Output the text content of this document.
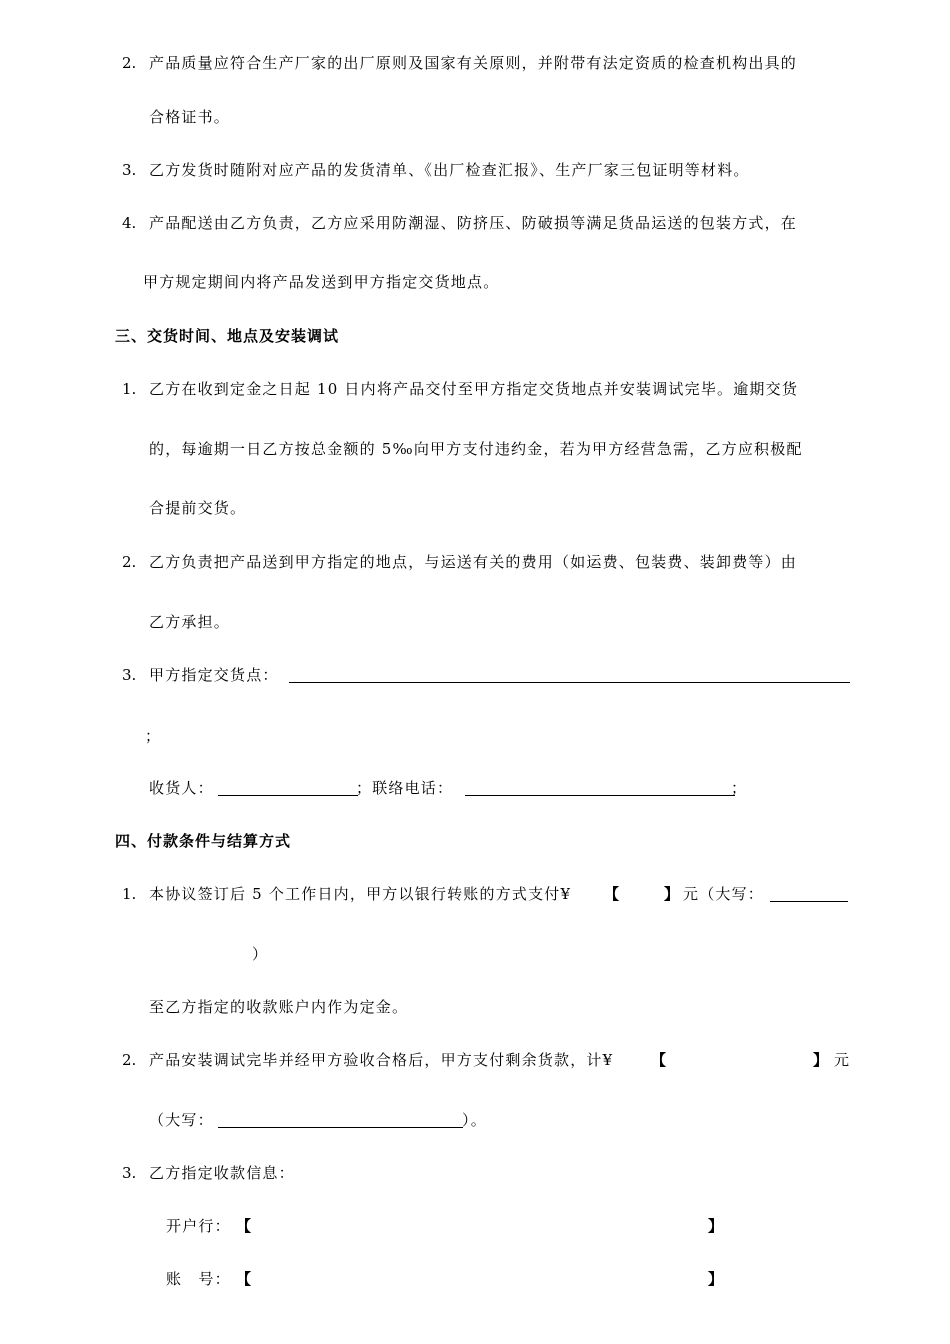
2. 产品质量应符合生产厂家的出厂原则及国家有关原则，并附带有法定资质的检查机构出具的
合格证书。
3. 乙方发货时随附对应产品的发货清单、《出厂检查汇报》、生产厂家三包证明等材料。
4. 产品配送由乙方负责，乙方应采用防潮湿、防挤压、防破损等满足货品运送的包装方式，在
甲方规定期间内将产品发送到甲方指定交货地点。
三、交货时间、地点及安装调试
1. 乙方在收到定金之日起 10 日内将产品交付至甲方指定交货地点并安装调试完毕。逾期交货
的，每逾期一日乙方按总金额的 5‰向甲方支付违约金，若为甲方经营急需，乙方应积极配
合提前交货。
2. 乙方负责把产品送到甲方指定的地点，与运送有关的费用（如运费、包装费、装卸费等）由
乙方承担。
3. 甲方指定交货点：
；
收货人：	；联络电话：	；
四、付款条件与结算方式
1. 本协议签订后 5 个工作日内，甲方以银行转账的方式支付¥ 【	】 元（大写：
）
至乙方指定的收款账户内作为定金。
2. 产品安装调试完毕并经甲方验收合格后，甲方支付剩余货款，计¥	【	】 元
（大写：	）。
3. 乙方指定收款信息：
开户行： 【	】
账　号： 【	】
